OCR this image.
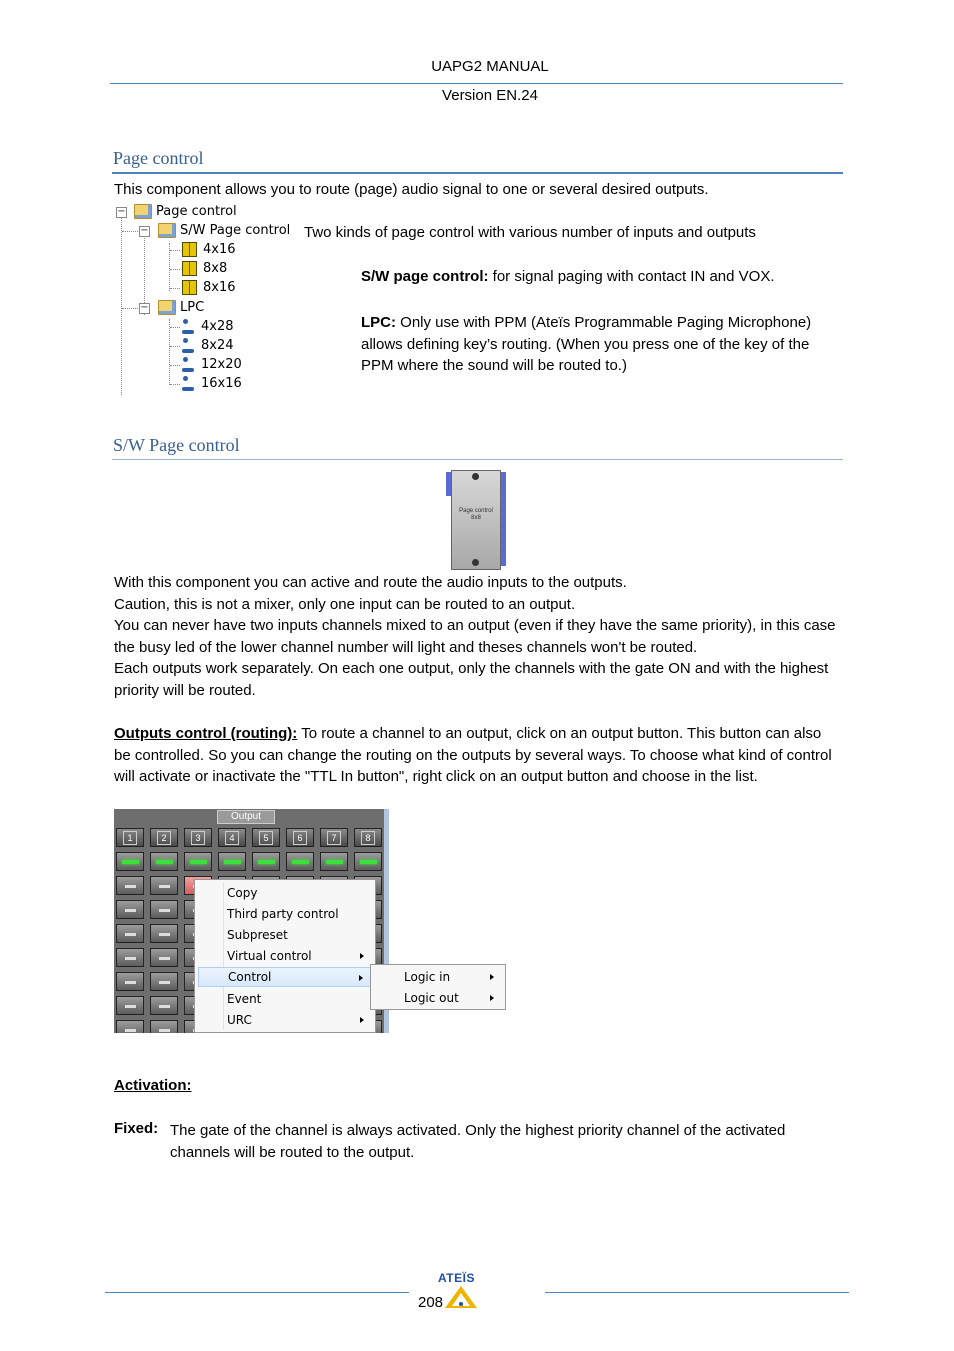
UAPG2 MANUAL
Version EN.24
Page control
This component allows you to route (page) audio signal to one or several desired outputs.
−	Page control
−	S/W Page control
4x16
8x8
8x16
−	LPC
4x28
8x24
12x20
16x16
Two kinds of page control with various number of inputs and outputs
S/W page control: for signal paging with contact IN and VOX.
LPC: Only use with PPM (Ateïs Programmable Paging Microphone) allows defining key’s routing. (When you press one of the key of the PPM where the sound will be routed to.)
S/W Page control
Page control 8x8

With this component you can active and route the audio inputs to the outputs.

Caution, this is not a mixer, only one input can be routed to an output.

You can never have two inputs channels mixed to an output (even if they have the same priority), in this case the busy led of the lower channel number will light and theses channels won't be routed.

Each outputs work separately. On each one output, only the channels with the gate ON and with the highest priority will be routed.

Outputs control (routing): To route a channel to an output, click on an output button. This button can also be controlled. So you can change the routing on the outputs by several ways. To choose what kind of control will activate or inactivate the "TTL In button", right click on an output button and choose in the list.

Output
1	2	3	4	5	6	7	8
Copy
Third party control
Subpreset
Virtual control
Control
Event
URC
Logic in
Logic out
Activation:
Fixed: The gate of the channel is always activated. Only the highest priority channel of the activated channels will be routed to the output.
ATEÏS
208
